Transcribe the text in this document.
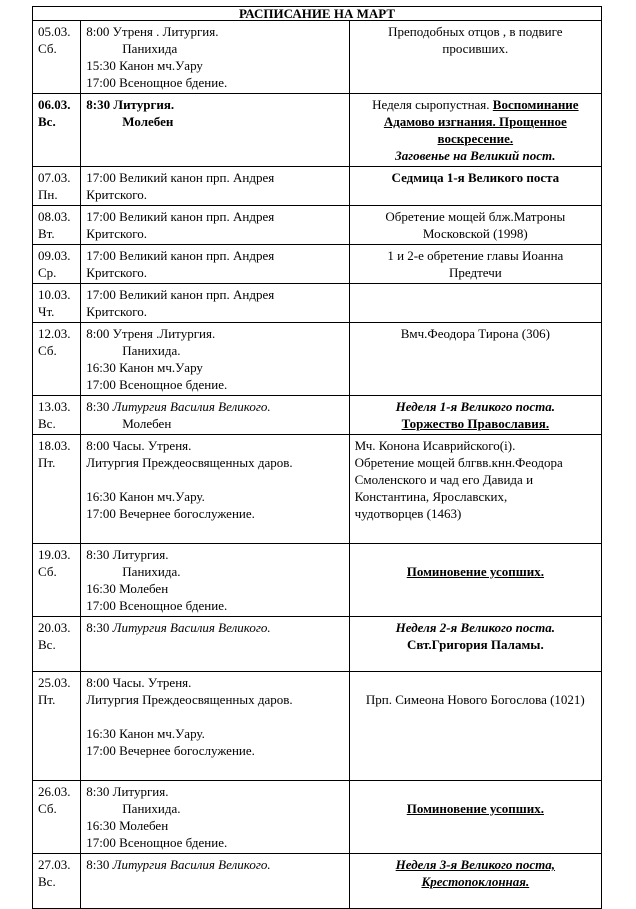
РАСПИСАНИЕ НА МАРТ		

05.03.
Сб.	8:00 Утреня . Литургия.
Панихида
15:30 Канон мч.Уару
17:00 Всенощное бдение.	Преподобных отцов , в подвиге
просивших.

06.03.
Вс.	8:30 Литургия.
Молебен	Неделя сыропустная. Воспоминание
Адамово изгнания. Прощенное
воскресение.
Заговенье на Великий пост.

07.03.
Пн.	17:00 Великий канон прп. Андрея
Критского.	Седмица 1-я Великого поста

08.03.
Вт.	17:00 Великий канон прп. Андрея
Критского.	Обретение мощей блж.Матроны
Московской (1998)

09.03.
Ср.	17:00 Великий канон прп. Андрея
Критского.	1 и 2-е обретение главы Иоанна
Предтечи

10.03.
Чт.	17:00 Великий канон прп. Андрея
Критского.	

12.03.
Сб.	8:00 Утреня .Литургия.
Панихида.
16:30 Канон мч.Уару
17:00 Всенощное бдение.	Вмч.Феодора Тирона (306)

13.03.
Вс.	8:30 Литургия Василия Великого.
Молебен	Неделя 1-я Великого поста.
Торжество Православия.

18.03.
Пт.	8:00 Часы. Утреня.
Литургия Преждеосвященных даров.
16:30 Канон мч.Уару.
17:00 Вечернее богослужение.	Мч. Конона Исаврийского(i).
Обретение мощей блгвв.кнн.Феодора
Смоленского и чад его Давида и
Константина, Ярославских,
чудотворцев (1463)

19.03.
Сб.	8:30 Литургия.
Панихида.
16:30 Молебен
17:00 Всенощное бдение.	Поминовение усопших.

20.03.
Вс.	8:30 Литургия Василия Великого.	Неделя 2-я Великого поста.
Свт.Григория Паламы.

25.03.
Пт.	8:00 Часы. Утреня.
Литургия Преждеосвященных даров.
16:30 Канон мч.Уару.
17:00 Вечернее богослужение.	Прп. Симеона Нового Богослова (1021)

26.03.
Сб.	8:30 Литургия.
Панихида.
16:30 Молебен
17:00 Всенощное бдение.	Поминовение усопших.

27.03.
Вс.	8:30 Литургия Василия Великого.	Неделя 3-я Великого поста,
Крестопоклонная.
